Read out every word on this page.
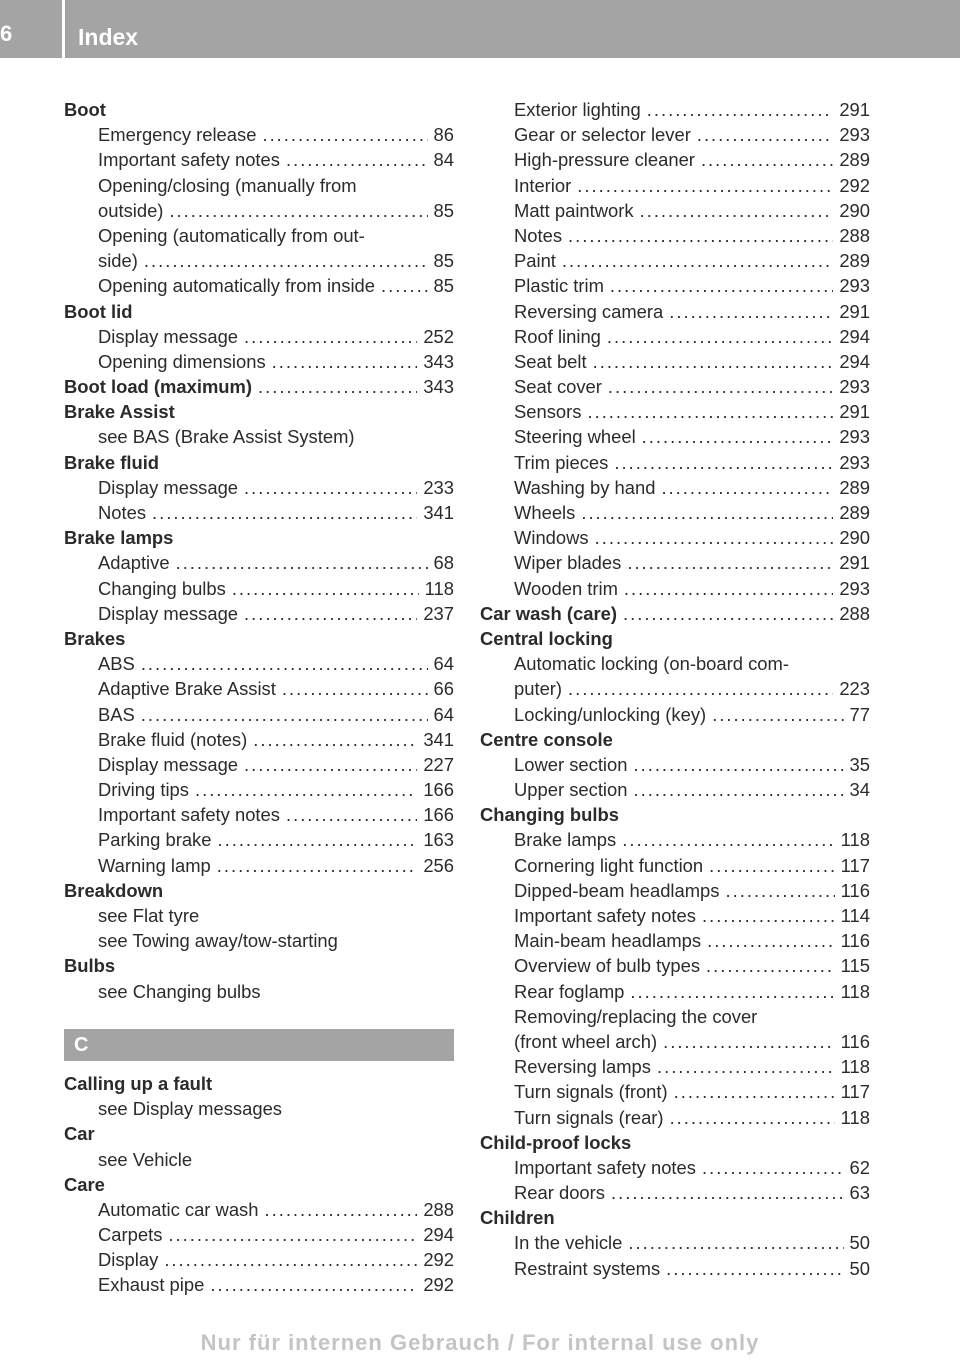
6	Index
Boot
Emergency release .....	86
Important safety notes .....	84
Opening/closing (manually from
outside) .....	85
Opening (automatically from out-
side) .....	85
Opening automatically from inside .....	85
Boot lid
Display message .....	252
Opening dimensions .....	343
Boot load (maximum) .....	343
Brake Assist
see BAS (Brake Assist System)
Brake fluid
Display message .....	233
Notes .....	341
Brake lamps
Adaptive .....	68
Changing bulbs .....	118
Display message .....	237
Brakes
ABS .....	64
Adaptive Brake Assist .....	66
BAS .....	64
Brake fluid (notes) .....	341
Display message .....	227
Driving tips .....	166
Important safety notes .....	166
Parking brake .....	163
Warning lamp .....	256
Breakdown
see Flat tyre
see Towing away/tow-starting
Bulbs
see Changing bulbs
C
Calling up a fault
see Display messages
Car
see Vehicle
Care
Automatic car wash .....	288
Carpets .....	294
Display .....	292
Exhaust pipe .....	292
Exterior lighting .....	291
Gear or selector lever .....	293
High-pressure cleaner .....	289
Interior .....	292
Matt paintwork .....	290
Notes .....	288
Paint .....	289
Plastic trim .....	293
Reversing camera .....	291
Roof lining .....	294
Seat belt .....	294
Seat cover .....	293
Sensors .....	291
Steering wheel .....	293
Trim pieces .....	293
Washing by hand .....	289
Wheels .....	289
Windows .....	290
Wiper blades .....	291
Wooden trim .....	293
Car wash (care) .....	288
Central locking
Automatic locking (on-board com-
puter) .....	223
Locking/unlocking (key) .....	77
Centre console
Lower section .....	35
Upper section .....	34
Changing bulbs
Brake lamps .....	118
Cornering light function .....	117
Dipped-beam headlamps .....	116
Important safety notes .....	114
Main-beam headlamps .....	116
Overview of bulb types .....	115
Rear foglamp .....	118
Removing/replacing the cover
(front wheel arch) .....	116
Reversing lamps .....	118
Turn signals (front) .....	117
Turn signals (rear) .....	118
Child-proof locks
Important safety notes .....	62
Rear doors .....	63
Children
In the vehicle .....	50
Restraint systems .....	50
Nur für internen Gebrauch / For internal use only
